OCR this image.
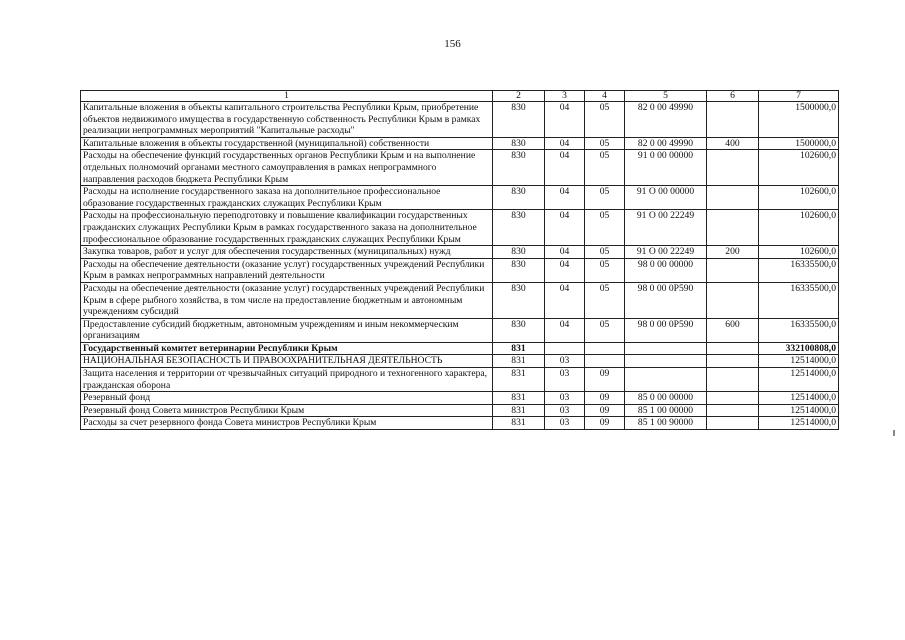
156
1	2	3	4	5	6	7
Капитальные вложения в объекты капитального строительства Республики Крым, приобретение объектов недвижимого имущества в государственную собственность Республики Крым в рамках реализации непрограммных мероприятий "Капитальные расходы"	830	04	05	82 0 00 49990		1500000,0
Капитальные вложения в объекты государственной (муниципальной) собственности	830	04	05	82 0 00 49990	400	1500000,0
Расходы на обеспечение функций государственных органов Республики Крым и на выполнение отдельных полномочий органами местного самоуправления в рамках непрограммного направления расходов бюджета Республики Крым	830	04	05	91 0 00 00000		102600,0
Расходы на исполнение государственного заказа на дополнительное профессиональное образование государственных гражданских служащих Республики Крым	830	04	05	91 О 00 00000		102600,0
Расходы на профессиональную переподготовку и повышение квалификации государственных гражданских служащих Республики Крым в рамках государственного заказа на дополнительное профессиональное образование государственных гражданских служащих Республики Крым	830	04	05	91 О 00 22249		102600,0
Закупка товаров, работ и услуг для обеспечения государственных (муниципальных) нужд	830	04	05	91 О 00 22249	200	102600,0
Расходы на обеспечение деятельности (оказание услуг) государственных учреждений Республики Крым в рамках непрограммных направлений деятельности	830	04	05	98 0 00 00000		16335500,0
Расходы на обеспечение деятельности (оказание услуг) государственных учреждений Республики Крым в сфере рыбного хозяйства, в том числе на предоставление бюджетным и автономным учреждениям субсидий	830	04	05	98 0 00 0Р590		16335500,0
Предоставление субсидий бюджетным, автономным учреждениям и иным некоммерческим организациям	830	04	05	98 0 00 0Р590	600	16335500,0
Государственный комитет ветеринарии Республики Крым	831					332100808,0
НАЦИОНАЛЬНАЯ БЕЗОПАСНОСТЬ И ПРАВООХРАНИТЕЛЬНАЯ ДЕЯТЕЛЬНОСТЬ	831	03				12514000,0
Защита населения и территории от чрезвычайных ситуаций природного и техногенного характера, гражданская оборона	831	03	09			12514000,0
Резервный фонд	831	03	09	85 0 00 00000		12514000,0
Резервный фонд Совета министров Республики Крым	831	03	09	85 1 00 00000		12514000,0
Расходы за счет резервного фонда Совета министров Республики Крым	831	03	09	85 1 00 90000		12514000,0
